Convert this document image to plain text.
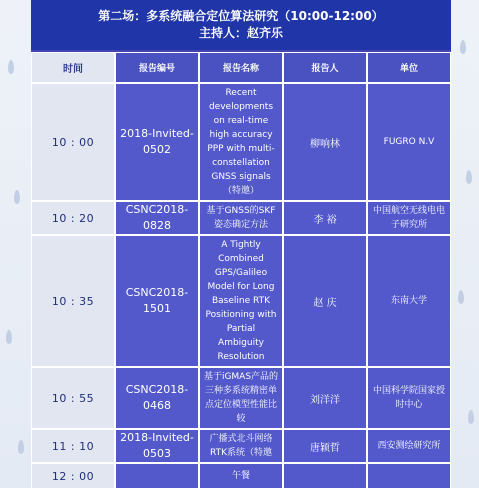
第二场：多系统融合定位算法研究（10:00-12:00）
主持人：赵齐乐
时间	报告编号	报告名称	报告人	单位
10 : 00	2018-Invited-0502	Recent developments on real-time high accuracy PPP with multi-constellation GNSS signals（特邀）	柳响林	FUGRO N.V
10 : 20	CSNC2018-0828	基于GNSS的SKF姿态确定方法	李 裕	中国航空无线电电子研究所
10 : 35	CSNC2018-1501	A Tightly Combined GPS/Galileo Model for Long Baseline RTK Positioning with Partial Ambiguity Resolution	赵 庆	东南大学
10 : 55	CSNC2018-0468	基于iGMAS产品的三种多系统精密单点定位模型性能比较	刘洋洋	中国科学院国家授时中心
11 : 10	2018-Invited-0503	广播式北斗网络RTK系统（特邀	唐颖哲	西安测绘研究所
12 : 00		午餐		
